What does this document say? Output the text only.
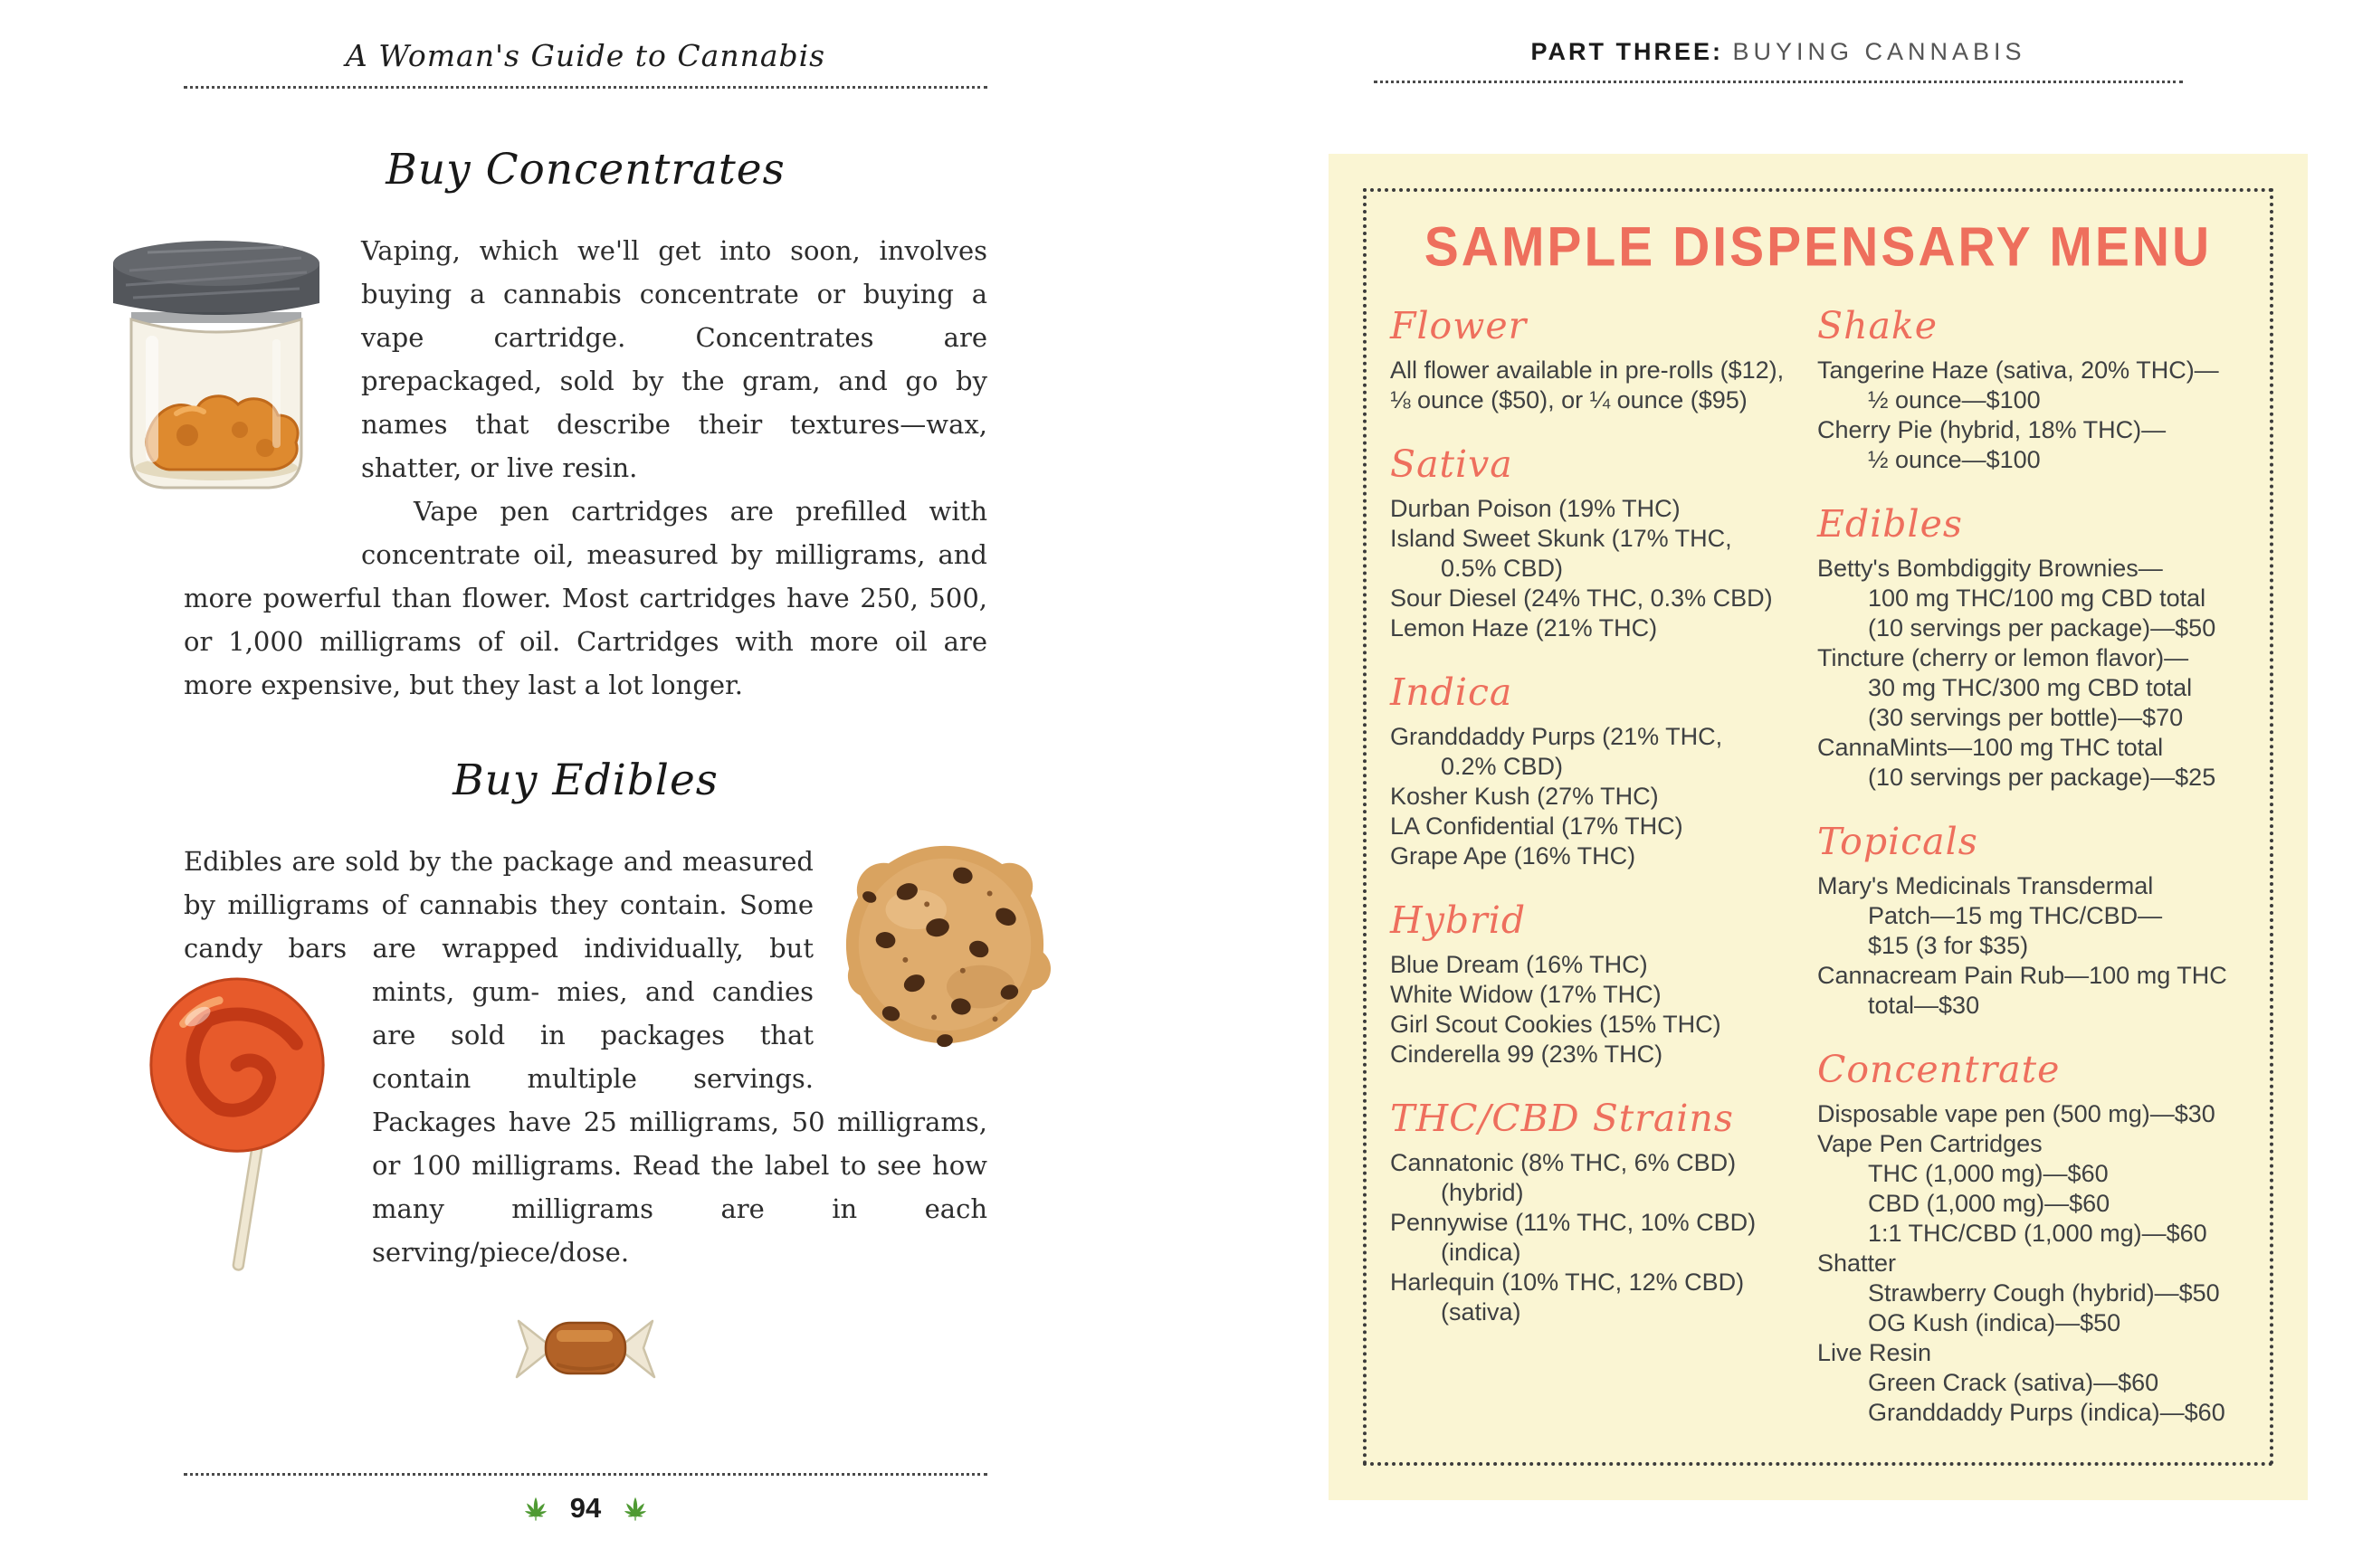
A Woman's Guide to Cannabis
Buy Concentrates

Vaping, which we'll get into soon, involves buying a cannabis concentrate or buying a vape cartridge. Concentrates are prepackaged, sold by the gram, and go by names that describe their textures—wax, shatter, or live resin.

Vape pen cartridges are prefilled with concentrate oil, measured by milligrams, and more powerful than flower. Most cartridges have 250, 500, or 1,000 milligrams of oil. Cartridges with more oil are more expensive, but they last a lot longer.

Buy Edibles
Edibles are sold by the package and measured by milligrams of cannabis they contain. Some candy bars are wrapped individually, but mints, gum- mies, and candies are sold in packages that contain multiple servings. Packages have 25 milligrams, 50 milligrams, or 100 milligrams. Read the label to see how many milligrams are in each serving/piece/dose.
94
PART THREE: BUYING CANNABIS
SAMPLE DISPENSARY MENU
Flower
All flower available in pre-rolls ($12),
⅛ ounce ($50), or ¼ ounce ($95)
Sativa
Durban Poison (19% THC)
Island Sweet Skunk (17% THC,
0.5% CBD)
Sour Diesel (24% THC, 0.3% CBD)
Lemon Haze (21% THC)
Indica
Granddaddy Purps (21% THC,
0.2% CBD)
Kosher Kush (27% THC)
LA Confidential (17% THC)
Grape Ape (16% THC)
Hybrid
Blue Dream (16% THC)
White Widow (17% THC)
Girl Scout Cookies (15% THC)
Cinderella 99 (23% THC)
THC/CBD Strains
Cannatonic (8% THC, 6% CBD)
(hybrid)
Pennywise (11% THC, 10% CBD)
(indica)
Harlequin (10% THC, 12% CBD)
(sativa)
Shake
Tangerine Haze (sativa, 20% THC)—
½ ounce—$100
Cherry Pie (hybrid, 18% THC)—
½ ounce—$100
Edibles
Betty's Bombdiggity Brownies—
100 mg THC/100 mg CBD total
(10 servings per package)—$50
Tincture (cherry or lemon flavor)—
30 mg THC/300 mg CBD total
(30 servings per bottle)—$70
CannaMints—100 mg THC total
(10 servings per package)—$25
Topicals
Mary's Medicinals Transdermal
Patch—15 mg THC/CBD—
$15 (3 for $35)
Cannacream Pain Rub—100 mg THC
total—$30
Concentrate
Disposable vape pen (500 mg)—$30
Vape Pen Cartridges
THC (1,000 mg)—$60
CBD (1,000 mg)—$60
1:1 THC/CBD (1,000 mg)—$60
Shatter
Strawberry Cough (hybrid)—$50
OG Kush (indica)—$50
Live Resin
Green Crack (sativa)—$60
Granddaddy Purps (indica)—$60
